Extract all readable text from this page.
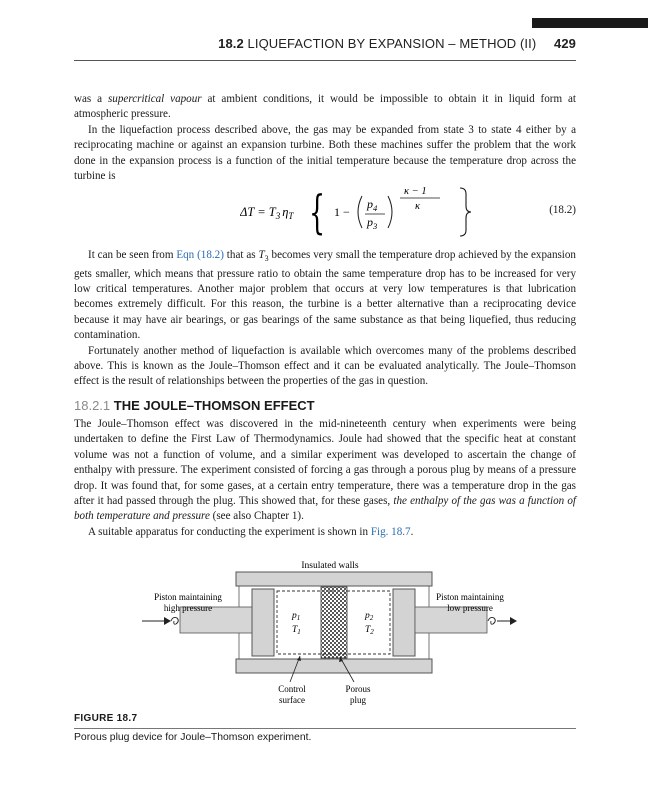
18.2 LIQUEFACTION BY EXPANSION – METHOD (II) 429

was a supercritical vapour at ambient conditions, it would be impossible to obtain it in liquid form at atmospheric pressure.

In the liquefaction process described above, the gas may be expanded from state 3 to state 4 either by a reciprocating machine or against an expansion turbine. Both these machines suffer the problem that the work done in the expansion process is a function of the initial temperature because the temperature drop across the turbine is

$\Delta T = T_3$ $\eta_T$ { 1 −
$p_4$
$p_3$
κ − 1
κ	(18.2)

It can be seen from Eqn (18.2) that as $T_3$ becomes very small the temperature drop achieved by the expansion gets smaller, which means that pressure ratio to obtain the same temperature drop has to be increased for very low critical temperatures. Another major problem that occurs at very low temperatures is that lubrication becomes extremely difficult. For this reason, the turbine is a better alternative than a reciprocating device because it may have air bearings, or gas bearings of the same substance as that being liquefied, thus reducing contamination.

Fortunately another method of liquefaction is available which overcomes many of the problems described above. This is known as the Joule–Thomson effect and it can be evaluated analytically. The Joule–Thomson effect is the result of relationships between the properties of the gas in question.

18.2.1 THE JOULE–THOMSON EFFECT

The Joule–Thomson effect was discovered in the mid-nineteenth century when experiments were being undertaken to define the First Law of Thermodynamics. Joule had showed that the specific heat at constant volume was not a function of volume, and a similar experiment was developed to ascertain the change of enthalpy with pressure. The experiment consisted of forcing a gas through a porous plug by means of a pressure drop. It was found that, for some gases, at a certain entry temperature, there was a temperature drop in the gas after it had passed through the plug. This showed that, for these gases, the enthalpy of the gas was a function of both temperature and pressure (see also Chapter 1).

A suitable apparatus for conducting the experiment is shown in Fig. 18.7.

Insulated walls
$p_1$
$T_1$
$p_2$
$T_2$
Piston maintaining
high pressure
Piston maintaining
low pressure
Control
surface
Porous
plug
FIGURE 18.7
Porous plug device for Joule–Thomson experiment.
